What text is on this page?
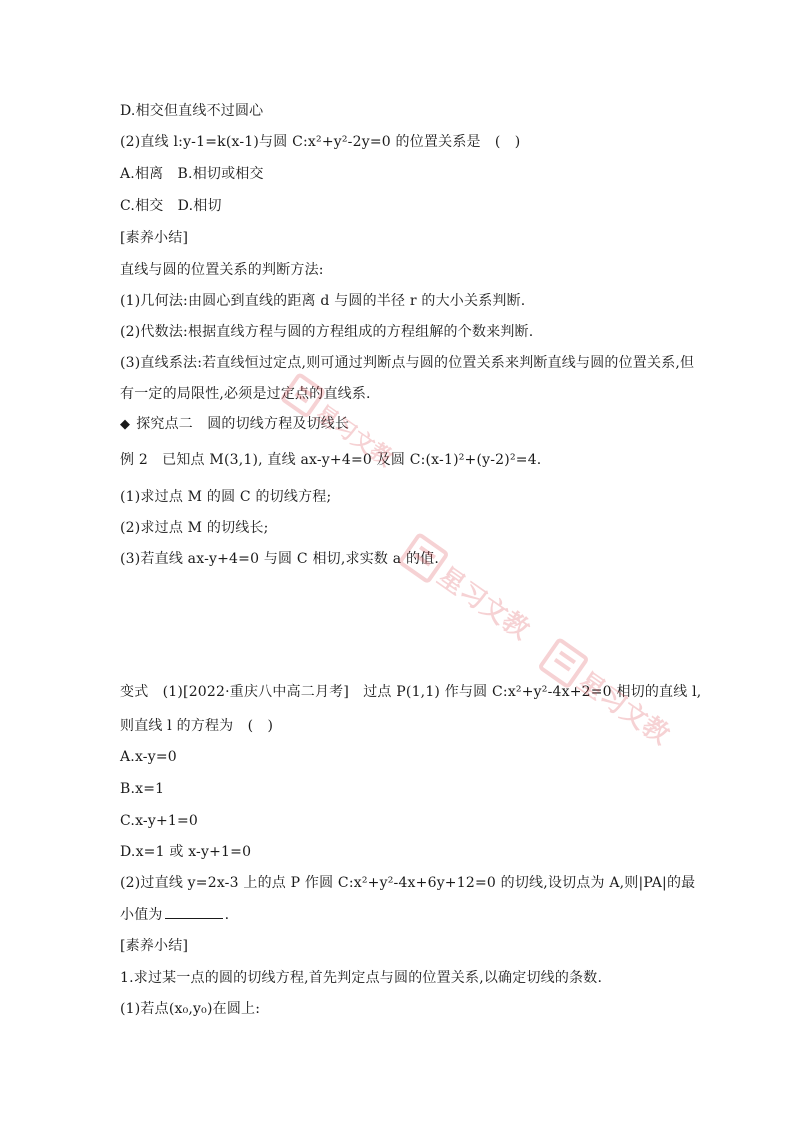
D.相交但直线不过圆心
(2)直线 l:y-1=k(x-1)与圆 C:x²+y²-2y=0 的位置关系是　(　)
A.相离　B.相切或相交
C.相交　D.相切
[素养小结]
直线与圆的位置关系的判断方法:
(1)几何法:由圆心到直线的距离 d 与圆的半径 r 的大小关系判断.
(2)代数法:根据直线方程与圆的方程组成的方程组解的个数来判断.
(3)直线系法:若直线恒过定点,则可通过判断点与圆的位置关系来判断直线与圆的位置关系,但
有一定的局限性,必须是过定点的直线系.
◆ 探究点二　圆的切线方程及切线长
例 2　已知点 M(3,1), 直线 ax-y+4=0 及圆 C:(x-1)²+(y-2)²=4.
(1)求过点 M 的圆 C 的切线方程;
(2)求过点 M 的切线长;
(3)若直线 ax-y+4=0 与圆 C 相切,求实数 a 的值.
变式　(1)[2022·重庆八中高二月考]　过点 P(1,1) 作与圆 C:x²+y²-4x+2=0 相切的直线 l,
则直线 l 的方程为　(　)
A.x-y=0
B.x=1
C.x-y+1=0
D.x=1 或 x-y+1=0
(2)过直线 y=2x-3 上的点 P 作圆 C:x²+y²-4x+6y+12=0 的切线,设切点为 A,则|PA|的最
小值为	.
[素养小结]
1.求过某一点的圆的切线方程,首先判定点与圆的位置关系,以确定切线的条数.
(1)若点(x₀,y₀)在圆上:
星习文教
星习文教
星习文教
